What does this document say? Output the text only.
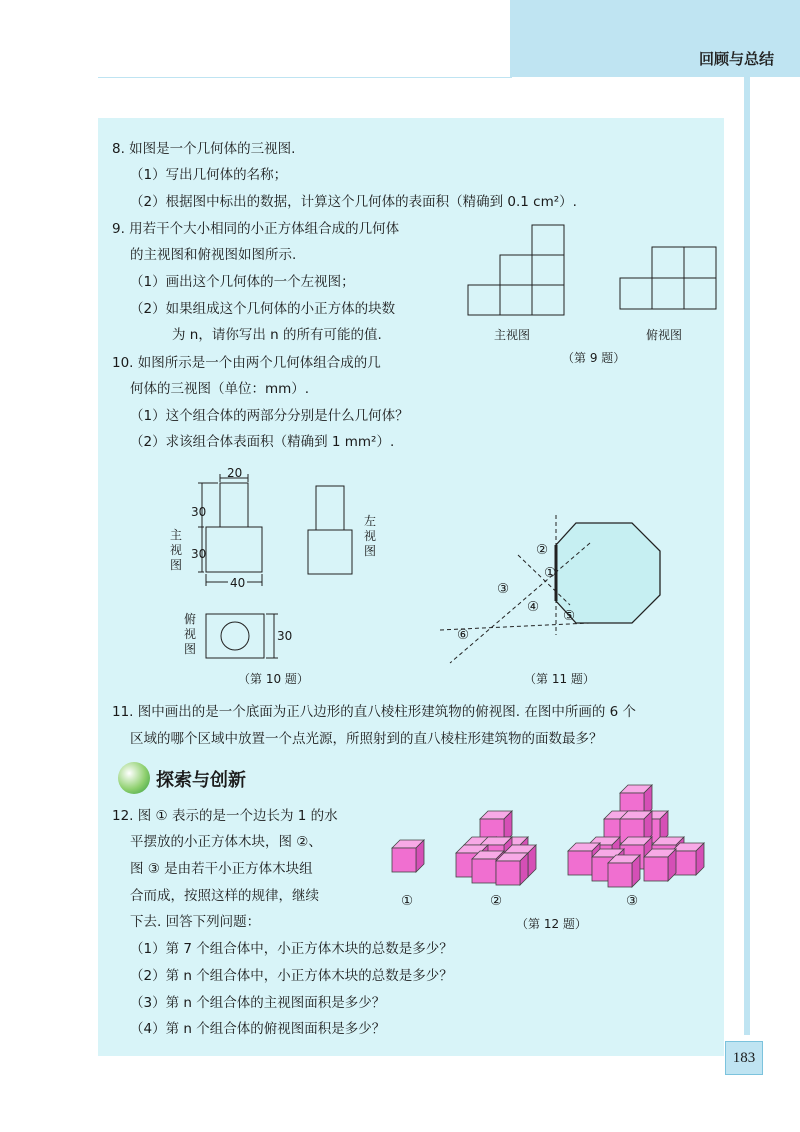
回顾与总结
8. 如图是一个几何体的三视图.
（1）写出几何体的名称；
（2）根据图中标出的数据，计算这个几何体的表面积（精确到 0.1 cm²）.
9. 用若干个大小相同的小正方体组合成的几何体
的主视图和俯视图如图所示.
（1）画出这个几何体的一个左视图；
（2）如果组成这个几何体的小正方体的块数
为 n，请你写出 n 的所有可能的值.	主视图	俯视图
（第 9 题）
10. 如图所示是一个由两个几何体组合成的几
何体的三视图（单位：mm）.
（1）这个组合体的两部分分别是什么几何体？
（2）求该组合体表面积（精确到 1 mm²）.
20
30
30
40
主视图
左视图
30
俯视图
（第 10 题）
②
①
③
④
⑤
⑥
（第 11 题）
11. 图中画出的是一个底面为正八边形的直八棱柱形建筑物的俯视图. 在图中所画的 6 个
区域的哪个区域中放置一个点光源，所照射到的直八棱柱形建筑物的面数最多？
探索与创新
12. 图 ① 表示的是一个边长为 1 的水
平摆放的小正方体木块，图 ②、
图 ③ 是由若干小正方体木块组
合而成，按照这样的规律，继续
下去. 回答下列问题：
①	②	③
（第 12 题）
（1）第 7 个组合体中，小正方体木块的总数是多少？
（2）第 n 个组合体中，小正方体木块的总数是多少？
（3）第 n 个组合体的主视图面积是多少？
（4）第 n 个组合体的俯视图面积是多少？
183
